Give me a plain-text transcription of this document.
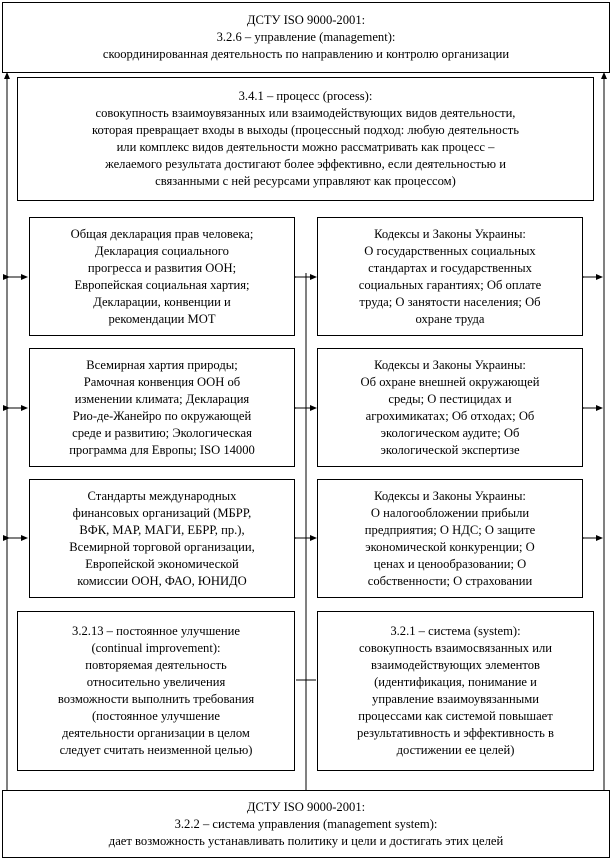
ДСТУ ISO 9000-2001:
3.2.6 – управление (management):
скоординированная деятельность по направлению и контролю организации
3.4.1 – процесс (process):
совокупность взаимоувязанных или взаимодействующих видов деятельности,
которая превращает входы в выходы (процессный подход: любую деятельность
или комплекс видов деятельности можно рассматривать как процесс –
желаемого результата достигают более эффективно, если деятельностью и
связанными с ней ресурсами управляют как процессом)
Общая декларация прав человека;
Декларация социального
прогресса и развития ООН;
Европейская социальная хартия;
Декларации, конвенции и
рекомендации МОТ
Всемирная хартия природы;
Рамочная конвенция ООН об
изменении климата; Декларация
Рио-де-Жанейро по окружающей
среде и развитию; Экологическая
программа для Европы; ISO 14000
Стандарты международных
финансовых организаций (МБРР,
ВФК, МАР, МАГИ, ЕБРР, пр.),
Всемирной торговой организации,
Европейской экономической
комиссии ООН, ФАО, ЮНИДО
Кодексы и Законы Украины:
О государственных социальных
стандартах и государственных
социальных гарантиях; Об оплате
труда; О занятости населения; Об
охране труда
Кодексы и Законы Украины:
Об охране внешней окружающей
среды; О пестицидах и
агрохимикатах; Об отходах; Об
экологическом аудите; Об
экологической экспертизе
Кодексы и Законы Украины:
О налогообложении прибыли
предприятия; О НДС; О защите
экономической конкуренции; О
ценах и ценообразовании; О
собственности; О страховании
3.2.13 – постоянное улучшение
(continual improvement):
повторяемая деятельность
относительно увеличения
возможности выполнить требования
(постоянное улучшение
деятельности организации в целом
следует считать неизменной целью)
3.2.1 – система (system):
совокупность взаимосвязанных или
взаимодействующих элементов
(идентификация, понимание и
управление взаимоувязанными
процессами как системой повышает
результативность и эффективность в
достижении ее целей)
ДСТУ ISO 9000-2001:
3.2.2 – система управления (management system):
дает возможность устанавливать политику и цели и достигать этих целей
